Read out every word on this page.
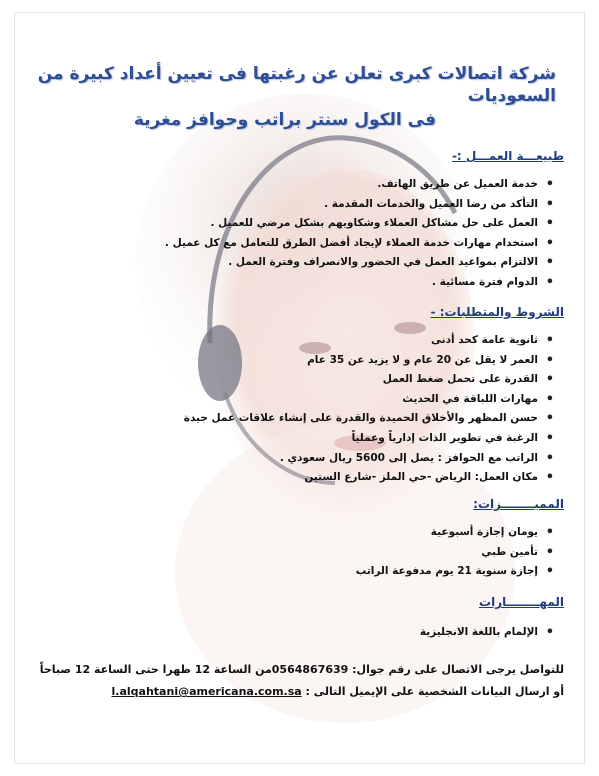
شركة اتصالات كبرى تعلن عن رغبتها فى تعيين أعداد كبيرة من السعوديات
فى الكول سنتر براتب وحوافز مغرية
طبيعـــة العمـــل :-
• خدمة العميل عن طريق الهاتف.
• التأكد من رضا العميل والخدمات المقدمة .
• العمل على حل مشاكل العملاء وشكاويهم بشكل مرضي للعميل .
• استخدام مهارات خدمة العملاء لإيجاد أفضل الطرق للتعامل مع كل عميل .
• الالتزام بمواعيد العمل في الحضور والانصراف وفترة العمل .
• الدوام فترة مسائية .
الشروط والمتطلبات: -
• ثانوية عامة كحد أدنى
• العمر لا يقل عن 20 عام و لا يزيد عن 35 عام
• القدرة على تحمل ضغط العمل
• مهارات اللباقة في الحديث
• حسن المظهر والأخلاق الحميدة والقدرة على إنشاء علاقات عمل جيدة
• الرغبة في تطوير الذات إدارياً وعملياً
• الراتب مع الحوافز : يصل إلى 5600 ريال سعودي .
• مكان العمل: الرياض -حي الملز -شارع الستين
المميــــــــزات:
• يومان إجازة أسبوعية
• تأمين طبي
• إجازة سنوية 21 يوم مدفوعة الراتب
المهــــــــارات
• الإلمام باللغة الانجليزية
للتواصل يرجى الاتصال على رقم جوال: 0564867639من الساعة 12 ظهرا حتى الساعة 12 صباحاً
أو ارسال البيانات الشخصية على الإيميل التالى : l.alqahtani@americana.com.sa
